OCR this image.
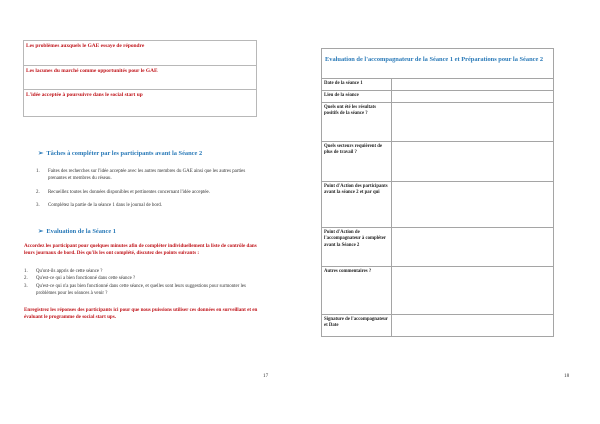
Les problèmes auxquels le GAE essaye de répondre
Les lacunes du marché comme opportunités pour le GAE
L'idée acceptée à poursuivre dans le social start up
➢ Tâches à compléter par les participants avant la Séance 2
1. Faites des recherches sur l'idée acceptée avec les autres membres du GAE ainsi que les autres parties prenantes et membres du réseau.
2. Recueillez toutes les données disponibles et pertinentes concernant l'idée acceptée.
3. Complétez la partie de la séance 1 dans le journal de bord.
➢ Evaluation de la Séance 1
Accordez les participant pour quelques minutes afin de compléter individuellement la liste de contrôle dans leurs journaux de bord. Dès qu'ils les ont complété, discutez des points suivants :
1. Qu'ont-ils appris de cette séance ?
2. Qu'est-ce qui a bien fonctionné dans cette séance ?
3. Qu'est-ce qui n'a pas bien fonctionné dans cette séance, et quelles sont leurs suggestions pour surmonter les problèmes pour les séances à venir ?
Enregistrez les réponses des participants ici pour que nous puissions utiliser ces données en surveillant et en évaluant le programme de social start ups.
17	18
Evaluation de l'accompagnateur de la Séance 1 et Préparations pour la Séance 2	
Date de la séance 1	
Lieu de la séance	
Quels ont été les résultats positifs de la séance ?	
Quels secteurs requièrent de plus de travail ?	
Point d'Action des participants avant la séance 2 et par qui	
Point d'Action de l'accompagnateur à compléter avant la Séance 2	
Autres commentaires ?	
Signature de l'accompagnateur et Date	
